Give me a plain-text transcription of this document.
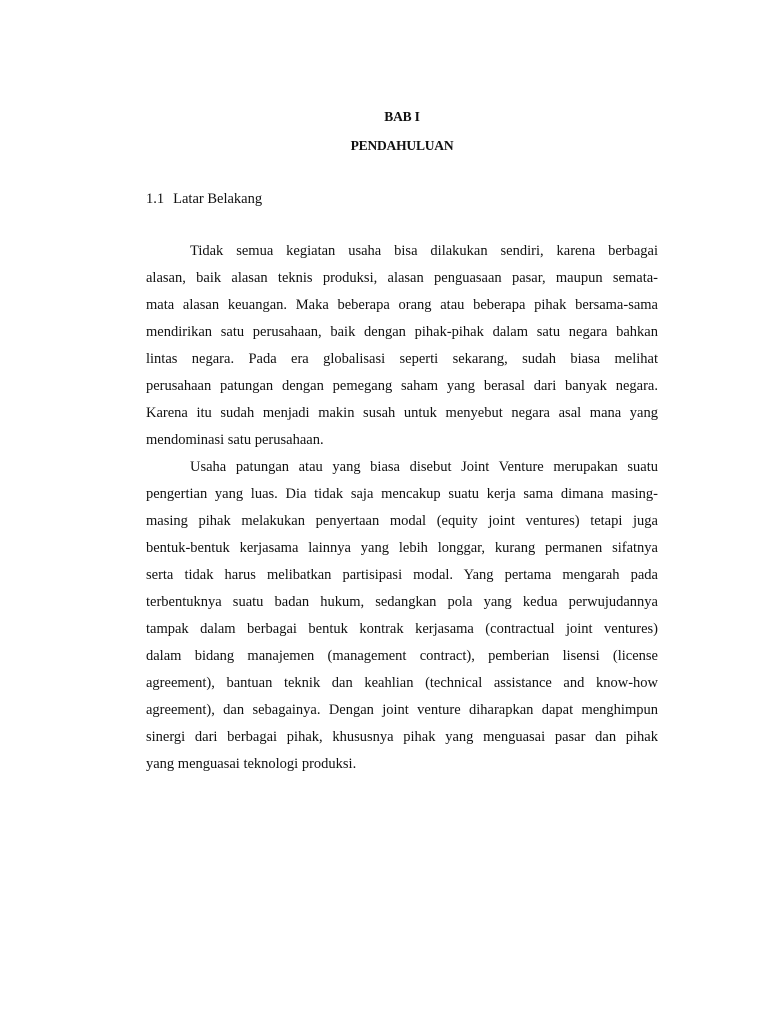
BAB I
PENDAHULUAN
1.1 Latar Belakang
Tidak semua kegiatan usaha bisa dilakukan sendiri, karena berbagai
alasan, baik alasan teknis produksi, alasan penguasaan pasar, maupun semata-
mata alasan keuangan. Maka beberapa orang atau beberapa pihak bersama-sama
mendirikan satu perusahaan, baik dengan pihak-pihak dalam satu negara bahkan
lintas negara. Pada era globalisasi seperti sekarang, sudah biasa melihat
perusahaan patungan dengan pemegang saham yang berasal dari banyak negara.
Karena itu sudah menjadi makin susah untuk menyebut negara asal mana yang
mendominasi satu perusahaan.
Usaha patungan atau yang biasa disebut Joint Venture merupakan suatu
pengertian yang luas. Dia tidak saja mencakup suatu kerja sama dimana masing-
masing pihak melakukan penyertaan modal (equity joint ventures) tetapi juga
bentuk-bentuk kerjasama lainnya yang lebih longgar, kurang permanen sifatnya
serta tidak harus melibatkan partisipasi modal. Yang pertama mengarah pada
terbentuknya suatu badan hukum, sedangkan pola yang kedua perwujudannya
tampak dalam berbagai bentuk kontrak kerjasama (contractual joint ventures)
dalam bidang manajemen (management contract), pemberian lisensi (license
agreement), bantuan teknik dan keahlian (technical assistance and know-how
agreement), dan sebagainya. Dengan joint venture diharapkan dapat menghimpun
sinergi dari berbagai pihak, khususnya pihak yang menguasai pasar dan pihak
yang menguasai teknologi produksi.
